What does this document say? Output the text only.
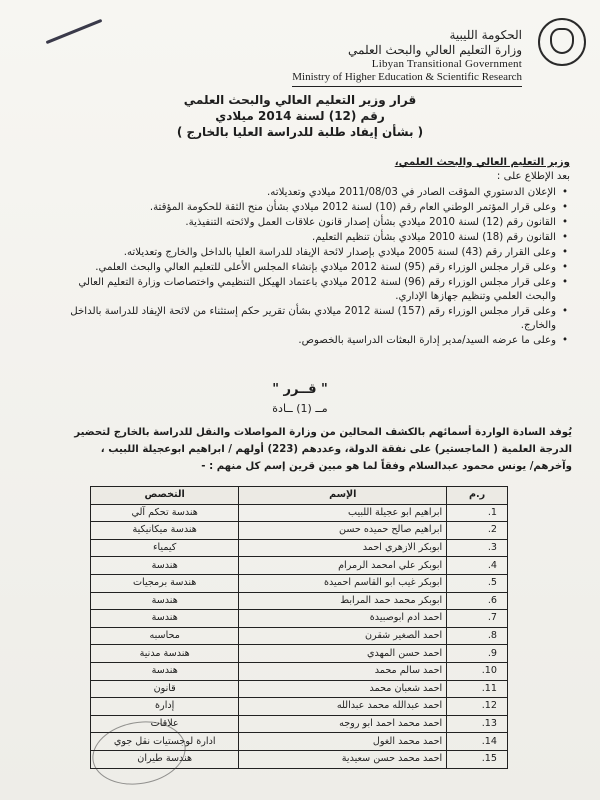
الحكومة الليبية
وزارة التعليم العالي والبحث العلمي
Libyan Transitional Government
Ministry of Higher Education & Scientific Research
قرار وزير التعليم العالي والبحث العلمي
رقم (12) لسنة 2014 ميلادي
( بشأن إيفاد طلبة للدراسة العليا بالخارج )

وزير التعليم العالي والبحث العلمي،

بعد الإطلاع على :

• الإعلان الدستوري المؤقت الصادر في 2011/08/03 ميلادي وتعديلاته.
• وعلى قرار المؤتمر الوطني العام رقم (10) لسنة 2012 ميلادي بشأن منح الثقة للحكومة المؤقتة.
• القانون رقم (12) لسنة 2010 ميلادي بشأن إصدار قانون علاقات العمل ولائحته التنفيذية.
• القانون رقم (18) لسنة 2010 ميلادي بشأن تنظيم التعليم.
• وعلى القرار رقم (43) لسنة 2005 ميلادي بإصدار لائحة الإيفاد للدراسة العليا بالداخل والخارج وتعديلاته.
• وعلى قرار مجلس الوزراء رقم (95) لسنة 2012 ميلادي بإنشاء المجلس الأعلى للتعليم العالي والبحث العلمي.
• وعلى قرار مجلس الوزراء رقم (96) لسنة 2012 ميلادي باعتماد الهيكل التنظيمي واختصاصات وزارة التعليم العالي والبحث العلمي وتنظيم جهازها الإداري.
• وعلى قرار مجلس الوزراء رقم (157) لسنة 2012 ميلادي بشأن تقرير حكم إستثناء من لائحة الإيفاد للدراسة بالداخل والخارج.
• وعلى ما عرضه السيد/مدير إدارة البعثات الدراسية بالخصوص.
" قــرر "
مــ (1) ــادة
يُوفد السادة الواردة أسمائهم بالكشف المحالين من وزارة المواصلات والنقل للدراسة بالخارج لتحضير الدرجة العلمية ( الماجستير) على نفقة الدولة، وعددهم (223) أولهم / ابراهيم ابوعجيلة اللبيب ، وآخرهم/ يونس محمود عبدالسلام وفقاً لما هو مبين قرين إسم كل منهم : -
ر.م	الإسم	التخصص
1.	ابراهيم ابو عجيلة اللبيب	هندسة تحكم آلي
2.	ابراهيم صالح حميده حسن	هندسة ميكانيكية
3.	ابوبكر الازهري احمد	كيمياء
4.	ابوبكر علي امحمد الرمرام	هندسة
5.	ابوبكر غيب ابو القاسم احميدة	هندسة برمجيات
6.	ابوبكر محمد حمد المرابط	هندسة
7.	احمد ادم ابوصبيدة	هندسة
8.	احمد الصغير شقرن	محاسبه
9.	احمد حسن المهدي	هندسة مدنية
10.	احمد سالم محمد	هندسة
11.	احمد شعبان محمد	قانون
12.	احمد عبدالله محمد عبدالله	إدارة
13.	احمد محمد احمد ابو روجه	علاقات
14.	احمد محمد الغول	ادارة لوجستيات نقل جوي
15.	احمد محمد حسن سعيدية	هندسة طيران
